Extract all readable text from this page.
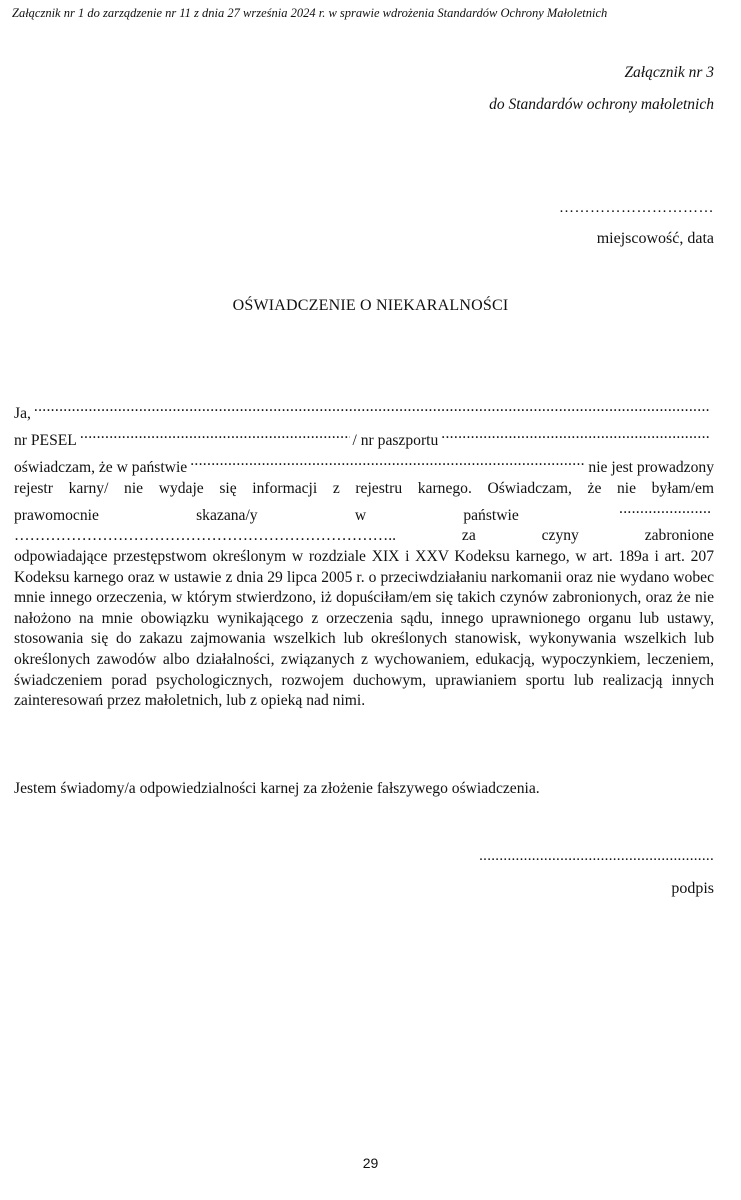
Załącznik nr 1 do zarządzenie nr 11 z dnia 27 września 2024 r. w sprawie wdrożenia Standardów Ochrony Małoletnich
Załącznik nr 3
do Standardów ochrony małoletnich
…………………………
miejscowość, data
OŚWIADCZENIE O NIEKARALNOŚCI
Ja,
.....
nr PESEL .....	/ nr paszportu
.....
oświadczam, że w państwie .....	nie jest prowadzony
rejestr karny/ nie wydaje się informacji z rejestru karnego. Oświadczam, że nie byłam/em
prawomocnie	skazana/y	w	państwie
.....
………………………………………………………………..	za	czyny	zabronione
odpowiadające przestępstwom określonym w rozdziale XIX i XXV Kodeksu karnego, w art. 189a i art. 207 Kodeksu karnego oraz w ustawie z dnia 29 lipca 2005 r. o przeciwdziałaniu narkomanii oraz nie wydano wobec mnie innego orzeczenia, w którym stwierdzono, iż dopuściłam/em się takich czynów zabronionych, oraz że nie nałożono na mnie obowiązku wynikającego z orzeczenia sądu, innego uprawnionego organu lub ustawy, stosowania się do zakazu zajmowania wszelkich lub określonych stanowisk, wykonywania wszelkich lub określonych zawodów albo działalności, związanych z wychowaniem, edukacją, wypoczynkiem, leczeniem, świadczeniem porad psychologicznych, rozwojem duchowym, uprawianiem sportu lub realizacją innych zainteresowań przez małoletnich, lub z opieką nad nimi.
Jestem świadomy/a odpowiedzialności karnej za złożenie fałszywego oświadczenia.
.....
podpis
29
